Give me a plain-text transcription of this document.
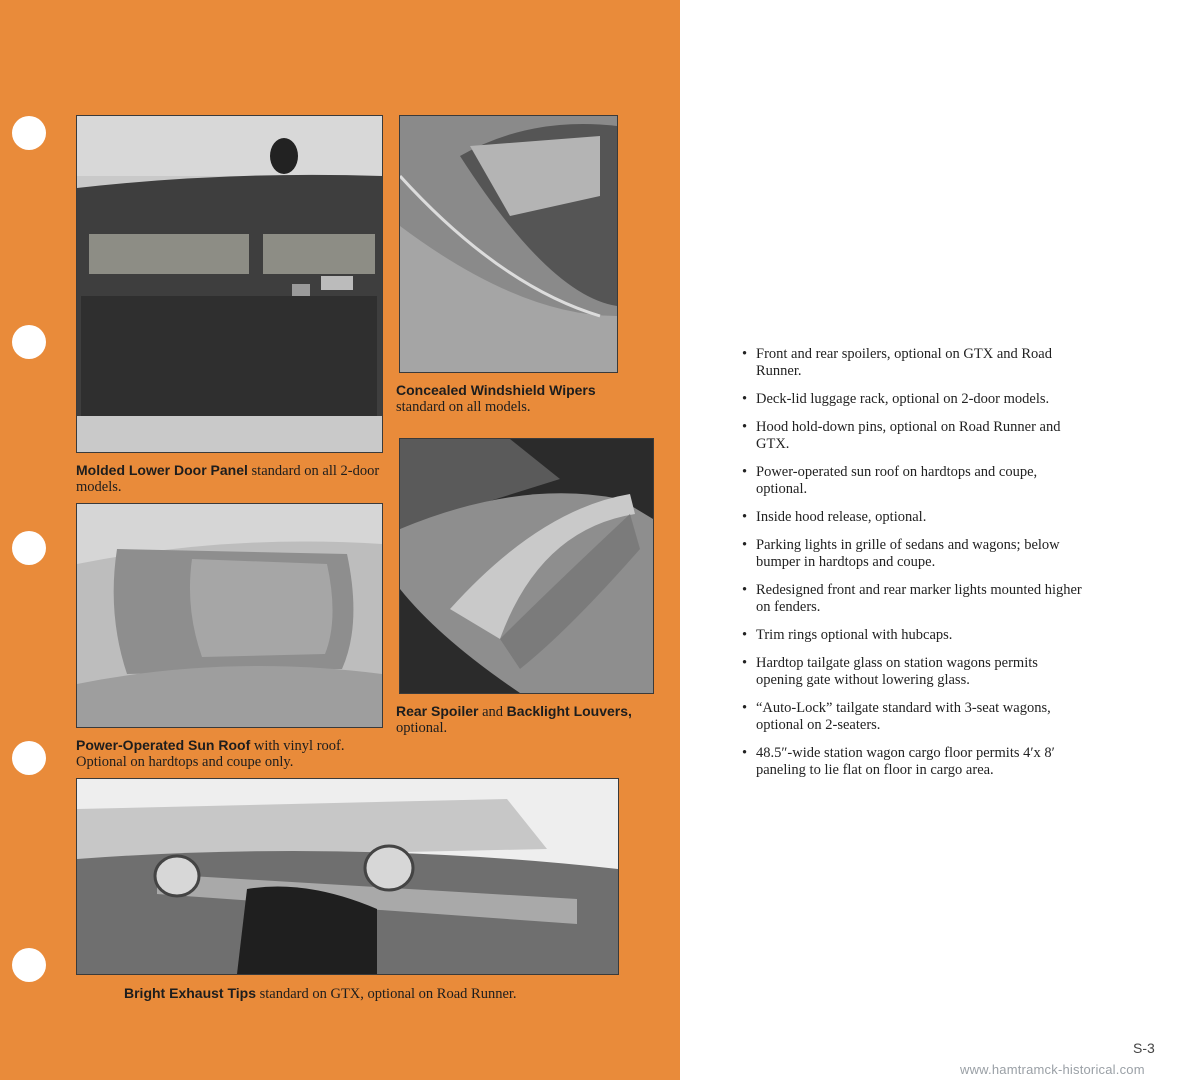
Molded Lower Door Panel standard on all 2-door models.
Concealed Windshield Wipers
standard on all models.
Power-Operated Sun Roof with vinyl roof. Optional on hardtops and coupe only.
Rear Spoiler and Backlight Louvers,
optional.
Bright Exhaust Tips standard on GTX, optional on Road Runner.
• Front and rear spoilers, optional on GTX and Road Runner.
• Deck-lid luggage rack, optional on 2-door models.
• Hood hold-down pins, optional on Road Runner and GTX.
• Power-operated sun roof on hardtops and coupe, optional.
• Inside hood release, optional.
• Parking lights in grille of sedans and wagons; below bumper in hardtops and coupe.
• Redesigned front and rear marker lights mounted higher on fenders.
• Trim rings optional with hubcaps.
• Hardtop tailgate glass on station wagons permits opening gate without lowering glass.
• “Auto-Lock” tailgate standard with 3-seat wagons, optional on 2-seaters.
• 48.5″-wide station wagon cargo floor permits 4′x 8′ paneling to lie flat on floor in cargo area.
S-3
www.hamtramck-historical.com
